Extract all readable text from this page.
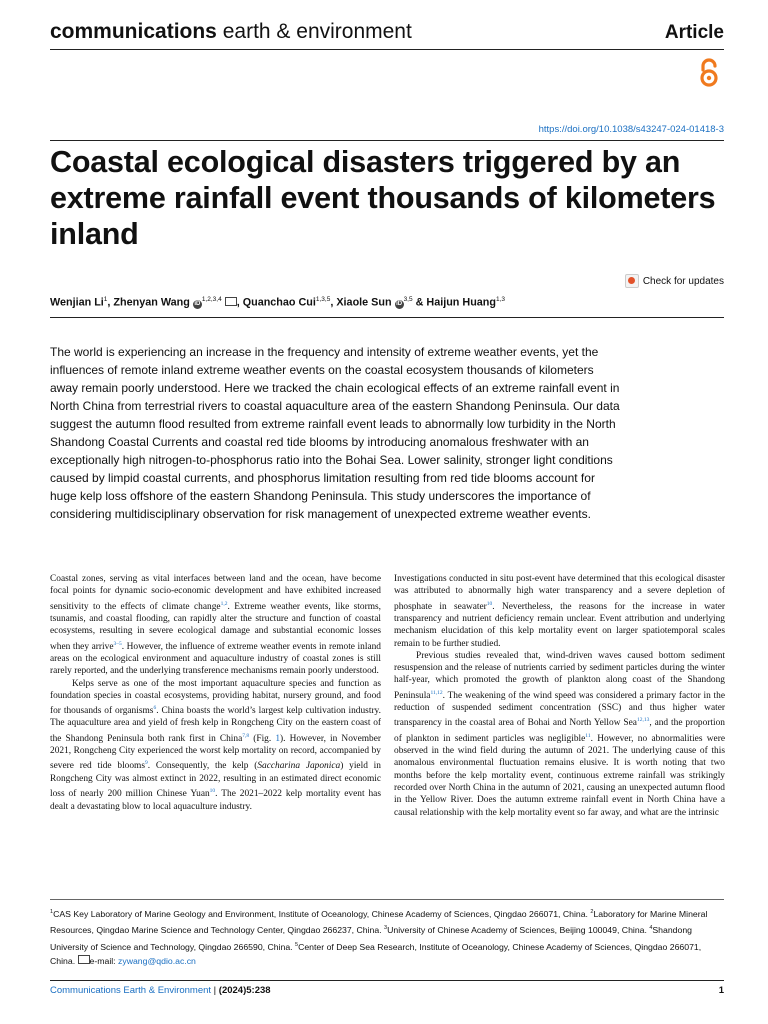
communications earth & environment	Article
https://doi.org/10.1038/s43247-024-01418-3
Coastal ecological disasters triggered by an extreme rainfall event thousands of kilometers inland
Check for updates
Wenjian Li$^1$, Zhenyan Wang iD$^{1,2,3,4}$ , Quanchao Cui$^{1,3,5}$, Xiaole Sun iD$^{3,5}$ & Haijun Huang$^{1,3}$

The world is experiencing an increase in the frequency and intensity of extreme weather events, yet the influences of remote inland extreme weather events on the coastal ecosystem thousands of kilometers away remain poorly understood. Here we tracked the chain ecological effects of an extreme rainfall event in North China from terrestrial rivers to coastal aquaculture area of the eastern Shandong Peninsula. Our data suggest the autumn flood resulted from extreme rainfall event leads to abnormally low turbidity in the North Shandong Coastal Currents and coastal red tide blooms by introducing anomalous freshwater with an exceptionally high nitrogen-to-phosphorus ratio into the Bohai Sea. Lower salinity, stronger light conditions caused by limpid coastal currents, and phosphorus limitation resulting from red tide blooms account for huge kelp loss offshore of the eastern Shandong Peninsula. This study underscores the importance of considering multidisciplinary observation for risk management of unexpected extreme weather events.

Coastal zones, serving as vital interfaces between land and the ocean, have become focal points for dynamic socio-economic development and have exhibited increased sensitivity to the effects of climate change$^{1,2}$. Extreme weather events, like storms, tsunamis, and coastal flooding, can rapidly alter the structure and function of coastal ecosystems, resulting in severe ecological damage and substantial economic losses when they arrive$^{3-5}$. However, the influence of extreme weather events in remote inland areas on the ecological environment and aquaculture industry of coastal zones is still rarely reported, and the underlying transference mechanisms remain poorly understood.

Kelps serve as one of the most important aquaculture species and function as foundation species in coastal ecosystems, providing habitat, nursery ground, and food for thousands of organisms$^6$. China boasts the world’s largest kelp cultivation industry. The aquaculture area and yield of fresh kelp in Rongcheng City on the eastern coast of the Shandong Peninsula both rank first in China$^{7,8}$ (Fig. 1). However, in November 2021, Rongcheng City experienced the worst kelp mortality on record, accompanied by severe red tide blooms$^9$. Consequently, the kelp (Saccharina Japonica) yield in Rongcheng City was almost extinct in 2022, resulting in an estimated direct economic loss of nearly 200 million Chinese Yuan$^{10}$. The 2021–2022 kelp mortality event has dealt a devastating blow to local aquaculture industry.

Investigations conducted in situ post-event have determined that this ecological disaster was attributed to abnormally high water transparency and a severe depletion of phosphate in seawater$^{10}$. Nevertheless, the reasons for the increase in water transparency and nutrient deficiency remain unclear. Event attribution and underlying mechanism elucidation of this kelp mortality event on larger spatiotemporal scales remain to be further studied.

Previous studies revealed that, wind-driven waves caused bottom sediment resuspension and the release of nutrients carried by sediment particles during the winter half-year, which promoted the growth of plankton along coast of the Shandong Peninsula$^{11,12}$. The weakening of the wind speed was considered a primary factor in the reduction of suspended sediment concentration (SSC) and thus higher water transparency in the coastal area of Bohai and North Yellow Sea$^{12,13}$, and the proportion of plankton in sediment particles was negligible$^{11}$. However, no abnormalities were observed in the wind field during the autumn of 2021. The underlying cause of this anomalous environmental fluctuation remains elusive. It is worth noting that two months before the kelp mortality event, continuous extreme rainfall was strikingly recorded over North China in the autumn of 2021, causing an unexpected autumn flood in the Yellow River. Does the autumn extreme rainfall event in North China have a causal relationship with the kelp mortality event so far away, and what are the intrinsic

$^1$CAS Key Laboratory of Marine Geology and Environment, Institute of Oceanology, Chinese Academy of Sciences, Qingdao 266071, China. $^2$Laboratory for Marine Mineral Resources, Qingdao Marine Science and Technology Center, Qingdao 266237, China. $^3$University of Chinese Academy of Sciences, Beijing 100049, China. $^4$Shandong University of Science and Technology, Qingdao 266590, China. $^5$Center of Deep Sea Research, Institute of Oceanology, Chinese Academy of Sciences, Qingdao 266071, China. e-mail: zywang@qdio.ac.cn

Communications Earth & Environment | (2024)5:238	1
